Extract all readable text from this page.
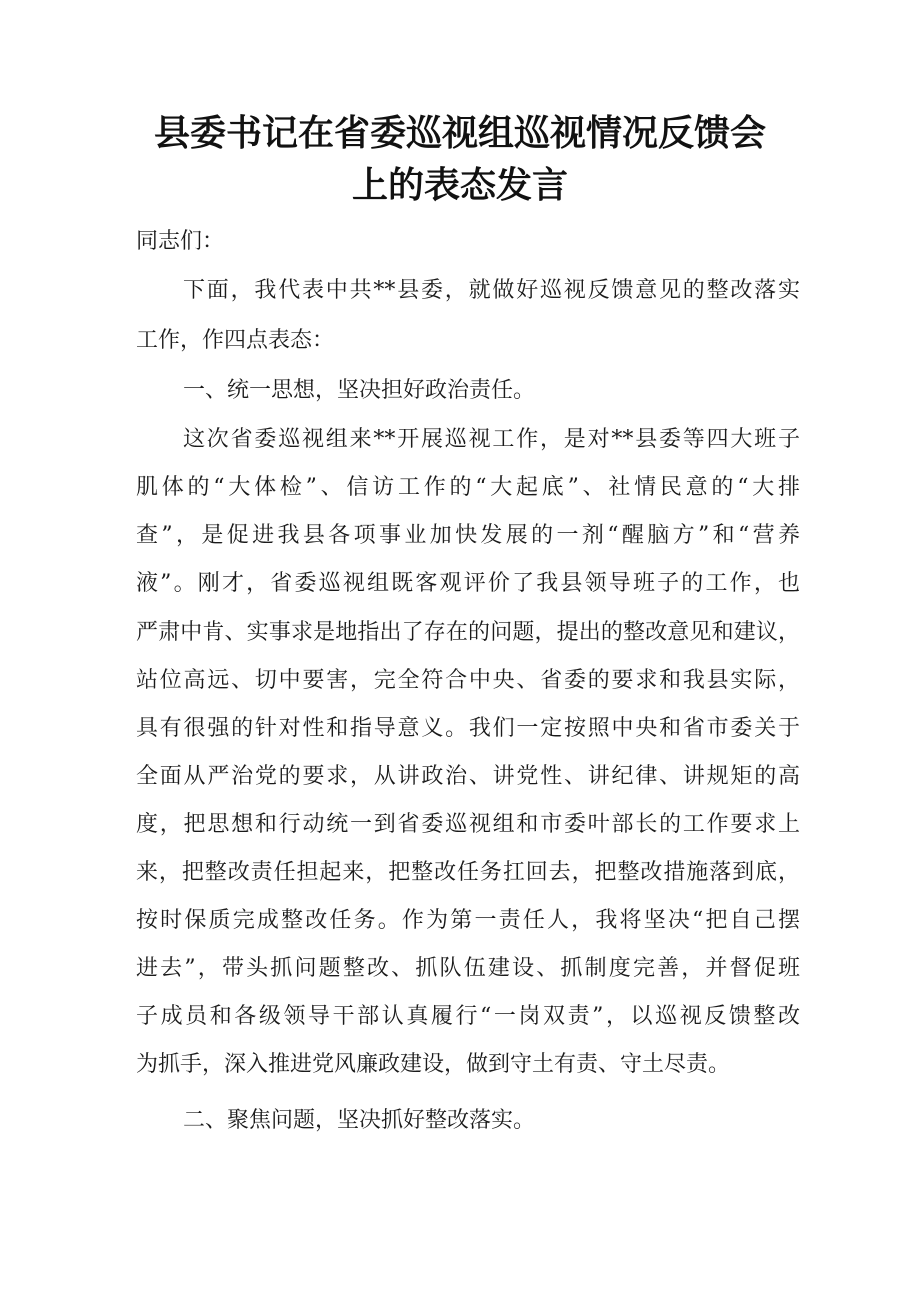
县委书记在省委巡视组巡视情况反馈会
上的表态发言

同志们：

下面，我代表中共**县委，就做好巡视反馈意见的整改落实

工作，作四点表态：

一、统一思想，坚决担好政治责任。

这次省委巡视组来**开展巡视工作，是对**县委等四大班子

肌体的“大体检”、信访工作的“大起底”、社情民意的“大排

查”，是促进我县各项事业加快发展的一剂“醒脑方”和“营养

液”。刚才，省委巡视组既客观评价了我县领导班子的工作，也

严肃中肯、实事求是地指出了存在的问题，提出的整改意见和建议，

站位高远、切中要害，完全符合中央、省委的要求和我县实际，

具有很强的针对性和指导意义。我们一定按照中央和省市委关于

全面从严治党的要求，从讲政治、讲党性、讲纪律、讲规矩的高

度，把思想和行动统一到省委巡视组和市委叶部长的工作要求上

来，把整改责任担起来，把整改任务扛回去，把整改措施落到底，

按时保质完成整改任务。作为第一责任人，我将坚决“把自己摆

进去”，带头抓问题整改、抓队伍建设、抓制度完善，并督促班

子成员和各级领导干部认真履行“一岗双责”，以巡视反馈整改

为抓手，深入推进党风廉政建设，做到守土有责、守土尽责。

二、聚焦问题，坚决抓好整改落实。
